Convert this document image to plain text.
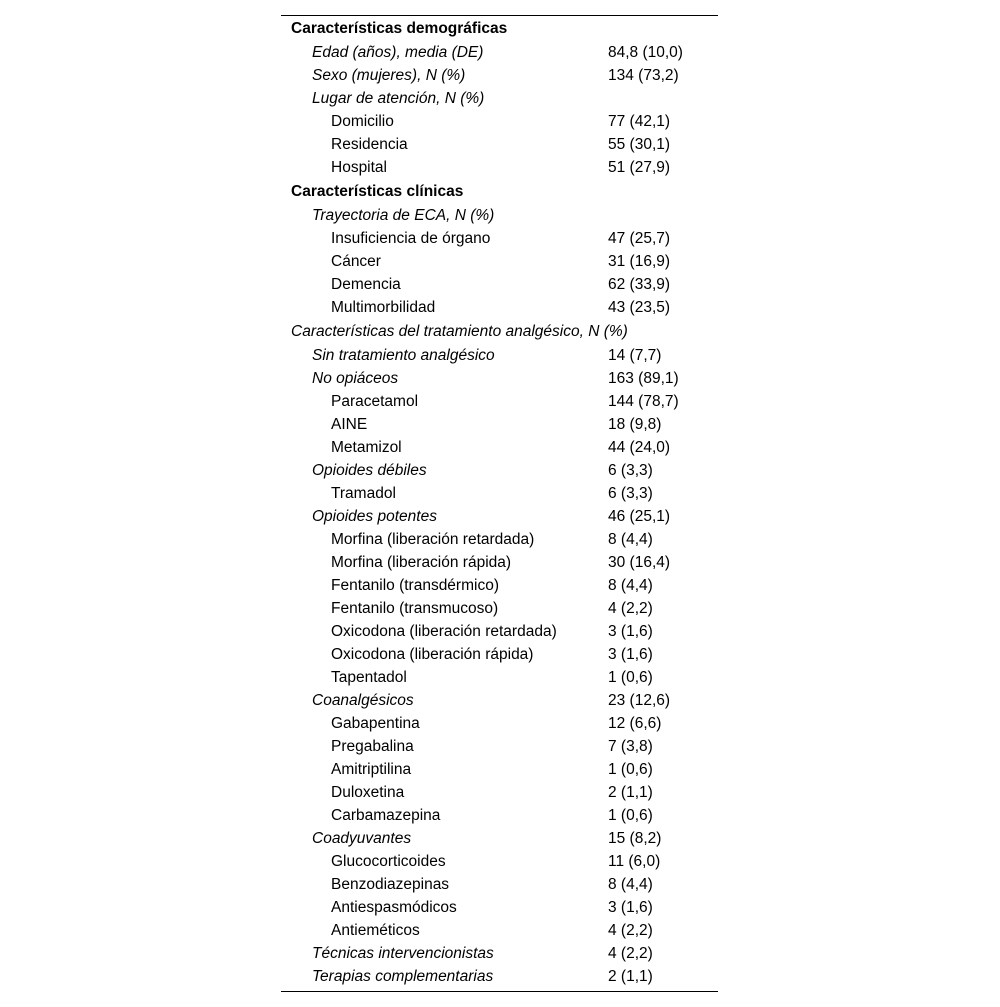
Características demográficas
Edad (años), media (DE)	84,8 (10,0)
Sexo (mujeres), N (%)	134 (73,2)
Lugar de atención, N (%)
Domicilio	77 (42,1)
Residencia	55 (30,1)
Hospital	51 (27,9)
Características clínicas
Trayectoria de ECA, N (%)
Insuficiencia de órgano	47 (25,7)
Cáncer	31 (16,9)
Demencia	62 (33,9)
Multimorbilidad	43 (23,5)
Características del tratamiento analgésico, N (%)
Sin tratamiento analgésico	14 (7,7)
No opiáceos	163 (89,1)
Paracetamol	144 (78,7)
AINE	18 (9,8)
Metamizol	44 (24,0)
Opioides débiles	6 (3,3)
Tramadol	6 (3,3)
Opioides potentes	46 (25,1)
Morfina (liberación retardada)	8 (4,4)
Morfina (liberación rápida)	30 (16,4)
Fentanilo (transdérmico)	8 (4,4)
Fentanilo (transmucoso)	4 (2,2)
Oxicodona (liberación retardada)	3 (1,6)
Oxicodona (liberación rápida)	3 (1,6)
Tapentadol	1 (0,6)
Coanalgésicos	23 (12,6)
Gabapentina	12 (6,6)
Pregabalina	7 (3,8)
Amitriptilina	1 (0,6)
Duloxetina	2 (1,1)
Carbamazepina	1 (0,6)
Coadyuvantes	15 (8,2)
Glucocorticoides	11 (6,0)
Benzodiazepinas	8 (4,4)
Antiespasmódicos	3 (1,6)
Antieméticos	4 (2,2)
Técnicas intervencionistas	4 (2,2)
Terapias complementarias	2 (1,1)
